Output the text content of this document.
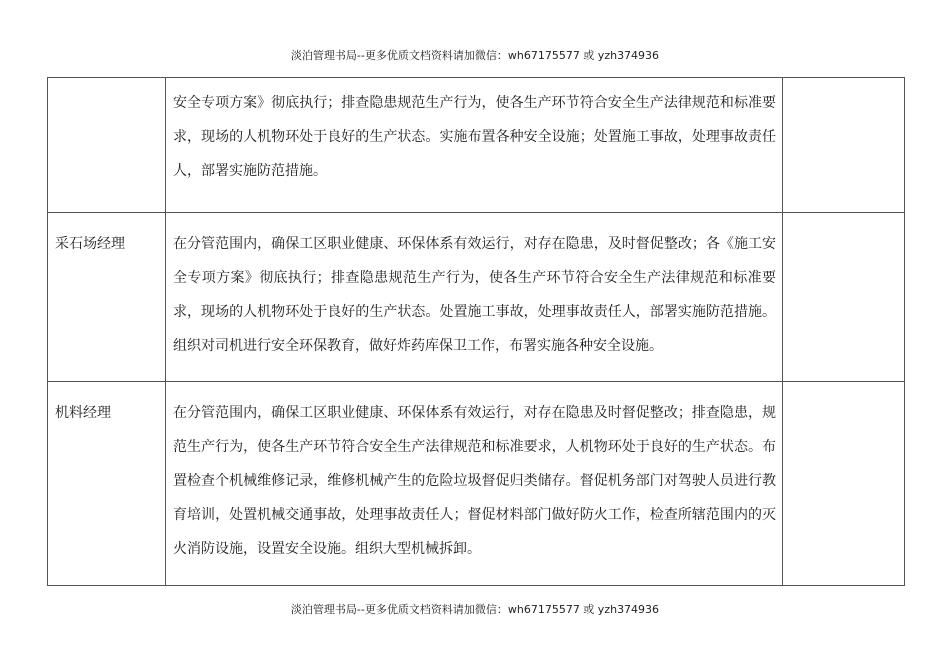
淡泊管理书局--更多优质文档资料请加微信：wh67175577 或 yzh374936

	安全专项方案》彻底执行；排查隐患规范生产行为，使各生产环节符合安全生产法律规范和标准要求，现场的人机物环处于良好的生产状态。实施布置各种安全设施；处置施工事故，处理事故责任人，部署实施防范措施。	

采石场经理	在分管范围内，确保工区职业健康、环保体系有效运行，对存在隐患，及时督促整改；各《施工安全专项方案》彻底执行；排查隐患规范生产行为，使各生产环节符合安全生产法律规范和标准要求，现场的人机物环处于良好的生产状态。处置施工事故，处理事故责任人，部署实施防范措施。组织对司机进行安全环保教育，做好炸药库保卫工作，布署实施各种安全设施。	

机料经理	在分管范围内，确保工区职业健康、环保体系有效运行，对存在隐患及时督促整改；排查隐患，规范生产行为，使各生产环节符合安全生产法律规范和标准要求，人机物环处于良好的生产状态。布置检查个机械维修记录，维修机械产生的危险垃圾督促归类储存。督促机务部门对驾驶人员进行教育培训，处置机械交通事故，处理事故责任人；督促材料部门做好防火工作，检查所辖范围内的灭火消防设施，设置安全设施。组织大型机械拆卸。	

淡泊管理书局--更多优质文档资料请加微信：wh67175577 或 yzh374936
